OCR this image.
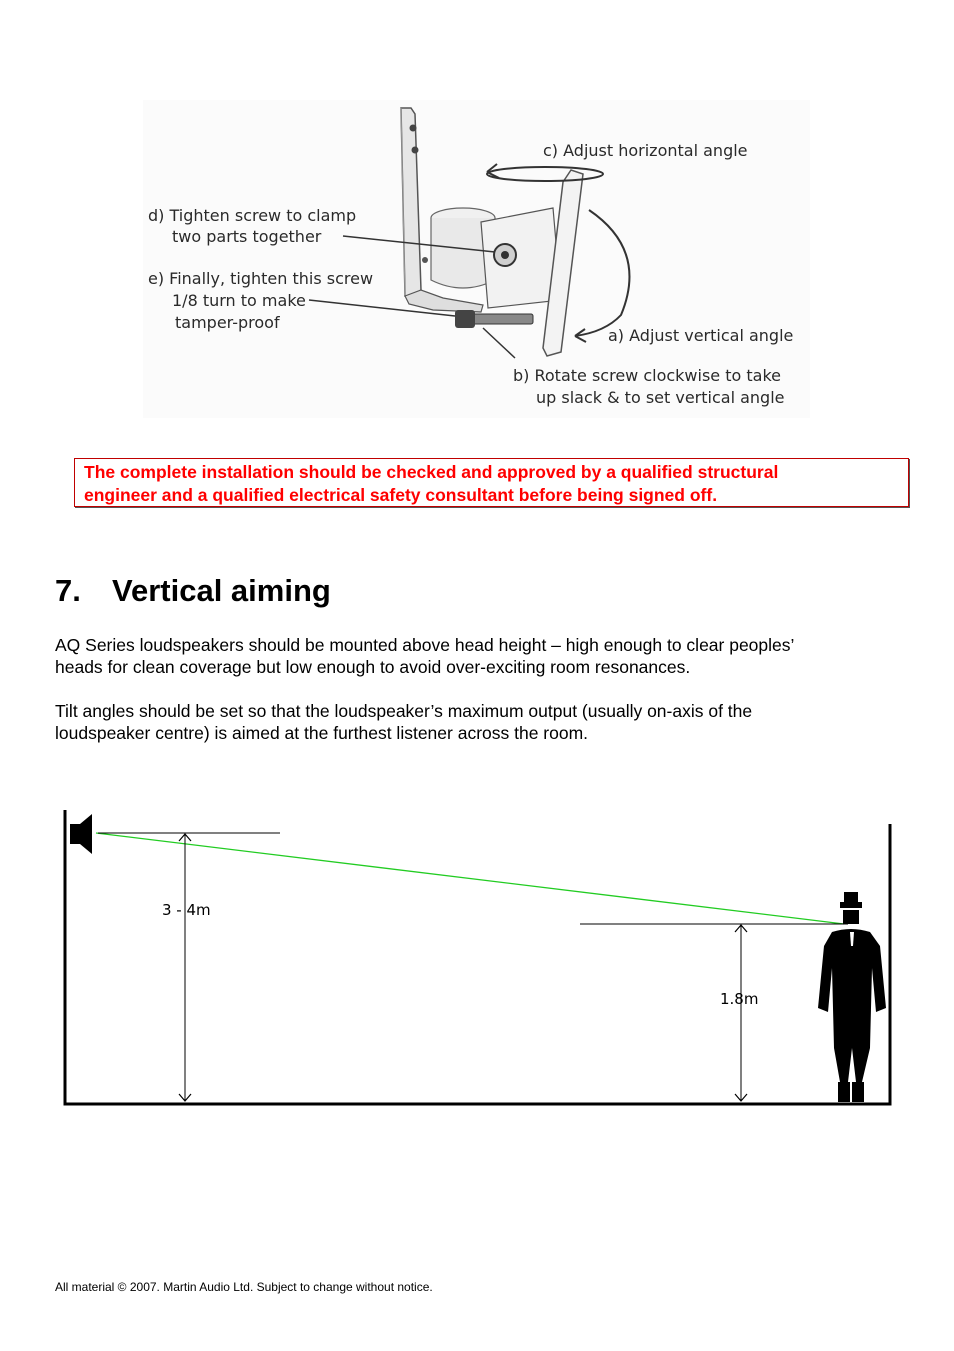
c) Adjust horizontal angle
d) Tighten screw to clamp
two parts together
e) Finally, tighten this screw
1/8 turn to make
tamper-proof
a) Adjust vertical angle
b) Rotate screw clockwise to take
up slack & to set vertical angle
The complete installation should be checked and approved by a qualified structural
engineer and a qualified electrical safety consultant before being signed off.
7. Vertical aiming
AQ Series loudspeakers should be mounted above head height – high enough to clear peoples’
heads for clean coverage but low enough to avoid over-exciting room resonances.
Tilt angles should be set so that the loudspeaker’s maximum output (usually on-axis of the
loudspeaker centre) is aimed at the furthest listener across the room.
3 - 4m
1.8m
All material © 2007. Martin Audio Ltd. Subject to change without notice.
